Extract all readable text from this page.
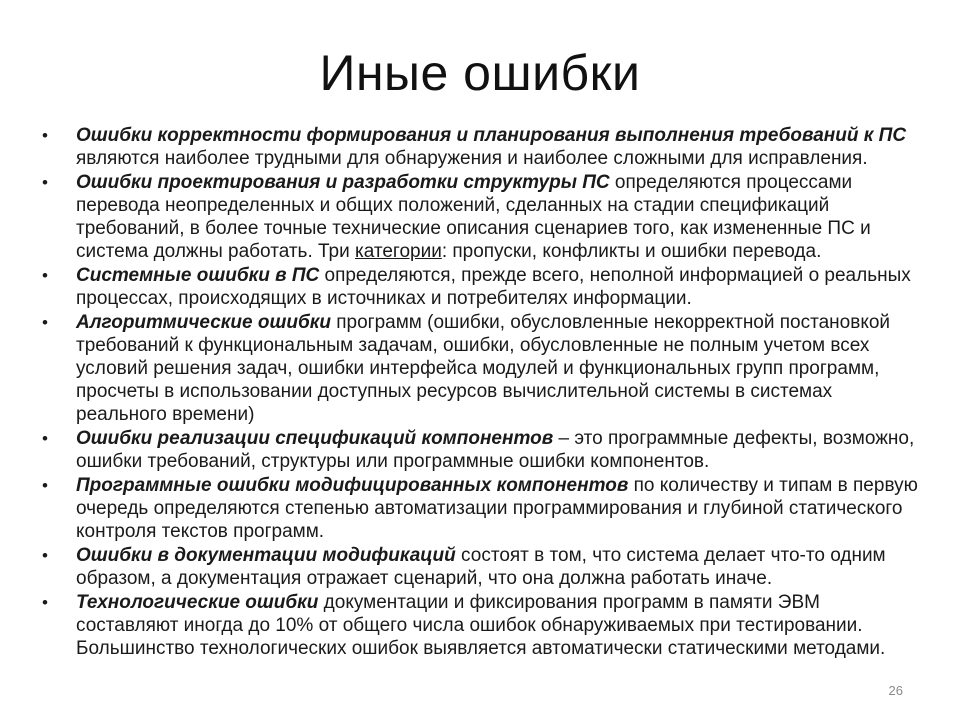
Иные ошибки
• Ошибки корректности формирования и планирования выполнения требований к ПС являются наиболее трудными для обнаружения и наиболее сложными для исправления.
• Ошибки проектирования и разработки структуры ПС определяются процессами перевода неопределенных и общих положений, сделанных на стадии спецификаций требований, в более точные технические описания сценариев того, как измененные ПС и система должны работать. Три категории: пропуски, конфликты и ошибки перевода.
• Системные ошибки в ПС определяются, прежде всего, неполной информацией о реальных процессах, происходящих в источниках и потребителях информации.
• Алгоритмические ошибки программ (ошибки, обусловленные некорректной постановкой требований к функциональным задачам, ошибки, обусловленные не полным учетом всех условий решения задач, ошибки интерфейса модулей и функциональных групп программ, просчеты в использовании доступных ресурсов вычислительной системы в системах реального времени)
• Ошибки реализации спецификаций компонентов – это программные дефекты, возможно, ошибки требований, структуры или программные ошибки компонентов.
• Программные ошибки модифицированных компонентов по количеству и типам в первую очередь определяются степенью автоматизации программирования и глубиной статического контроля текстов программ.
• Ошибки в документации модификаций состоят в том, что система делает что-то одним образом, а документация отражает сценарий, что она должна работать иначе.
• Технологические ошибки документации и фиксирования программ в памяти ЭВМ составляют иногда до 10% от общего числа ошибок обнаруживаемых при тестировании. Большинство технологических ошибок выявляется автоматически статическими методами.
26
